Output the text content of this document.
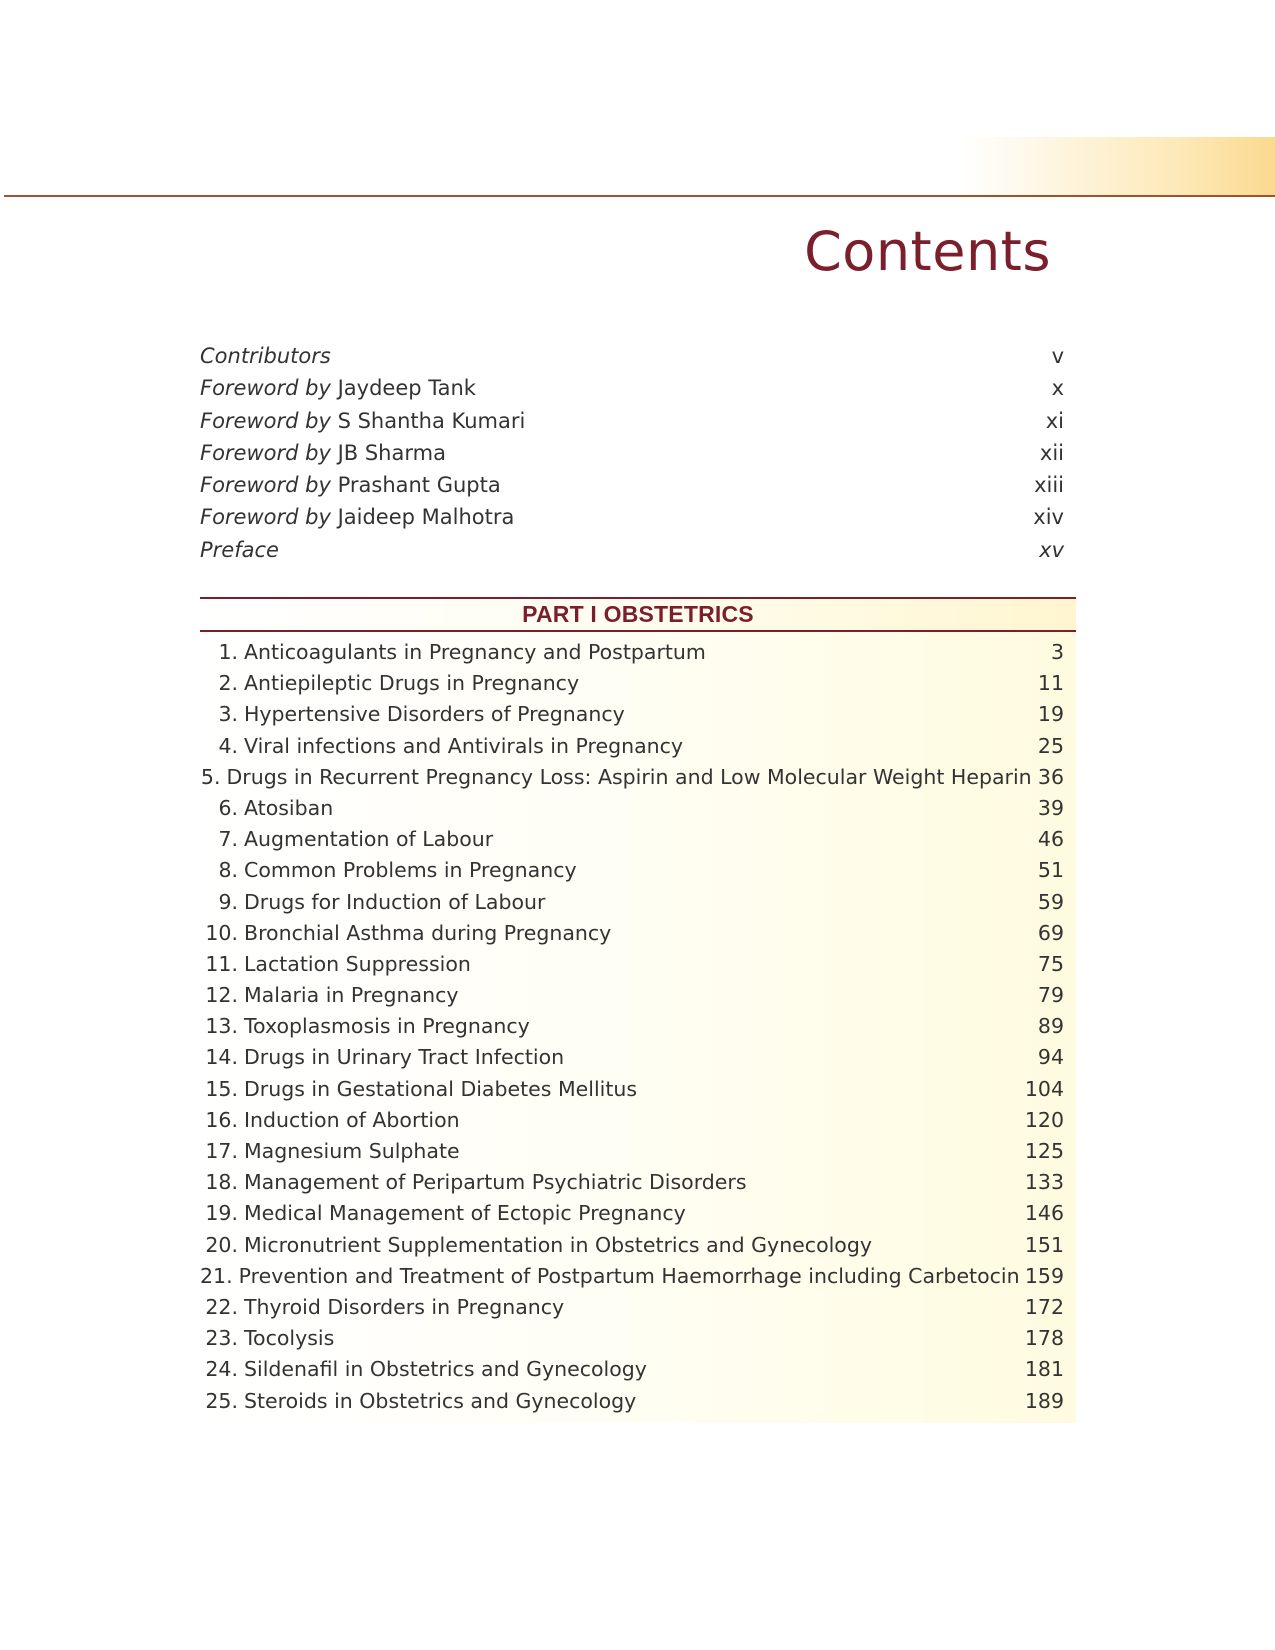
Contents
Contributors	v
Foreword by Jaydeep Tank	x
Foreword by S Shantha Kumari	xi
Foreword by JB Sharma	xii
Foreword by Prashant Gupta	xiii
Foreword by Jaideep Malhotra	xiv
Preface	xv
PART I OBSTETRICS
1. Anticoagulants in Pregnancy and Postpartum	3
2. Antiepileptic Drugs in Pregnancy	11
3. Hypertensive Disorders of Pregnancy	19
4. Viral infections and Antivirals in Pregnancy	25
5. Drugs in Recurrent Pregnancy Loss: Aspirin and Low Molecular Weight Heparin 36
6. Atosiban	39
7. Augmentation of Labour	46
8. Common Problems in Pregnancy	51
9. Drugs for Induction of Labour	59
10. Bronchial Asthma during Pregnancy	69
11. Lactation Suppression	75
12. Malaria in Pregnancy	79
13. Toxoplasmosis in Pregnancy	89
14. Drugs in Urinary Tract Infection	94
15. Drugs in Gestational Diabetes Mellitus	104
16. Induction of Abortion	120
17. Magnesium Sulphate	125
18. Management of Peripartum Psychiatric Disorders	133
19. Medical Management of Ectopic Pregnancy	146
20. Micronutrient Supplementation in Obstetrics and Gynecology	151
21. Prevention and Treatment of Postpartum Haemorrhage including Carbetocin 159
22. Thyroid Disorders in Pregnancy	172
23. Tocolysis	178
24. Sildenafil in Obstetrics and Gynecology	181
25. Steroids in Obstetrics and Gynecology	189
